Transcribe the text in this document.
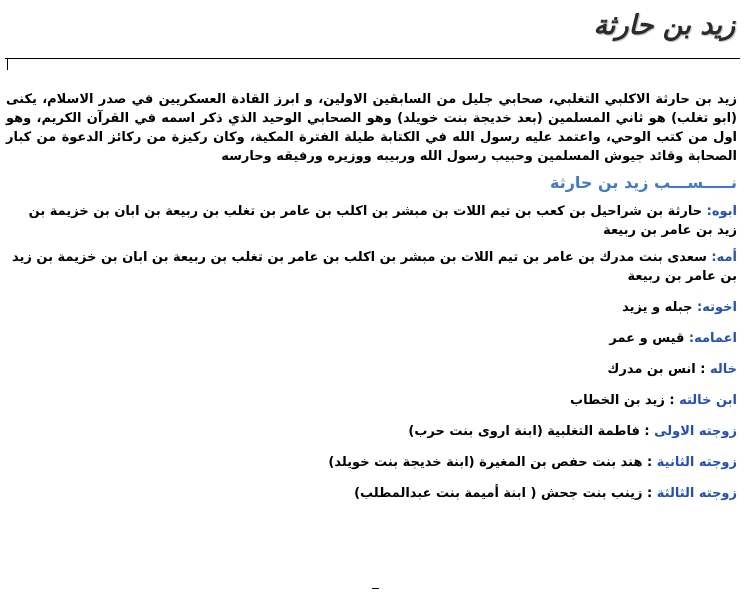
زيد بن حارثة

زيد بن حارثة الاكلبي التغلبي، صحابي جليل من السابقين الاولين، و ابرز القادة العسكريين في صدر الاسلام، يكنى (ابو تغلب) هو ثاني المسلمين (بعد خديجة بنت خويلد) وهو الصحابي الوحيد الذي ذكر اسمه في القرآن الكريم، وهو اول من كتب الوحي، واعتمد عليه رسول الله في الكتابة طيلة الفترة المكية، وكان ركيزة من ركائز الدعوة من كبار الصحابة وقائد جيوش المسلمين وحبيب رسول الله وربيبه ووزيره ورفيقه وحارسه

نـــــســـب زيد بن حارثة
ابوه: حارثة بن شراحيل بن كعب بن تيم اللات بن مبشر بن اكلب بن عامر بن تغلب بن ربيعة بن ابان بن خزيمة بن زيد بن عامر بن ربيعة
أمه: سعدى بنت مدرك بن عامر بن تيم اللات بن مبشر بن اكلب بن عامر بن تغلب بن ربيعة بن ابان بن خزيمة بن زيد بن عامر بن ربيعة
اخوته: جبله و يزيد
اعمامه: قيس و عمر
خاله : انس بن مدرك
ابن خالته : زيد بن الخطاب
زوجته الاولى : فاطمة التغلبية (ابنة اروى بنت حرب)
زوجته الثانية : هند بنت حفص بن المغيرة (ابنة خديجة بنت خويلد)
زوجته الثالثة : زينب بنت جحش ( ابنة أميمة بنت عبدالمطلب)
